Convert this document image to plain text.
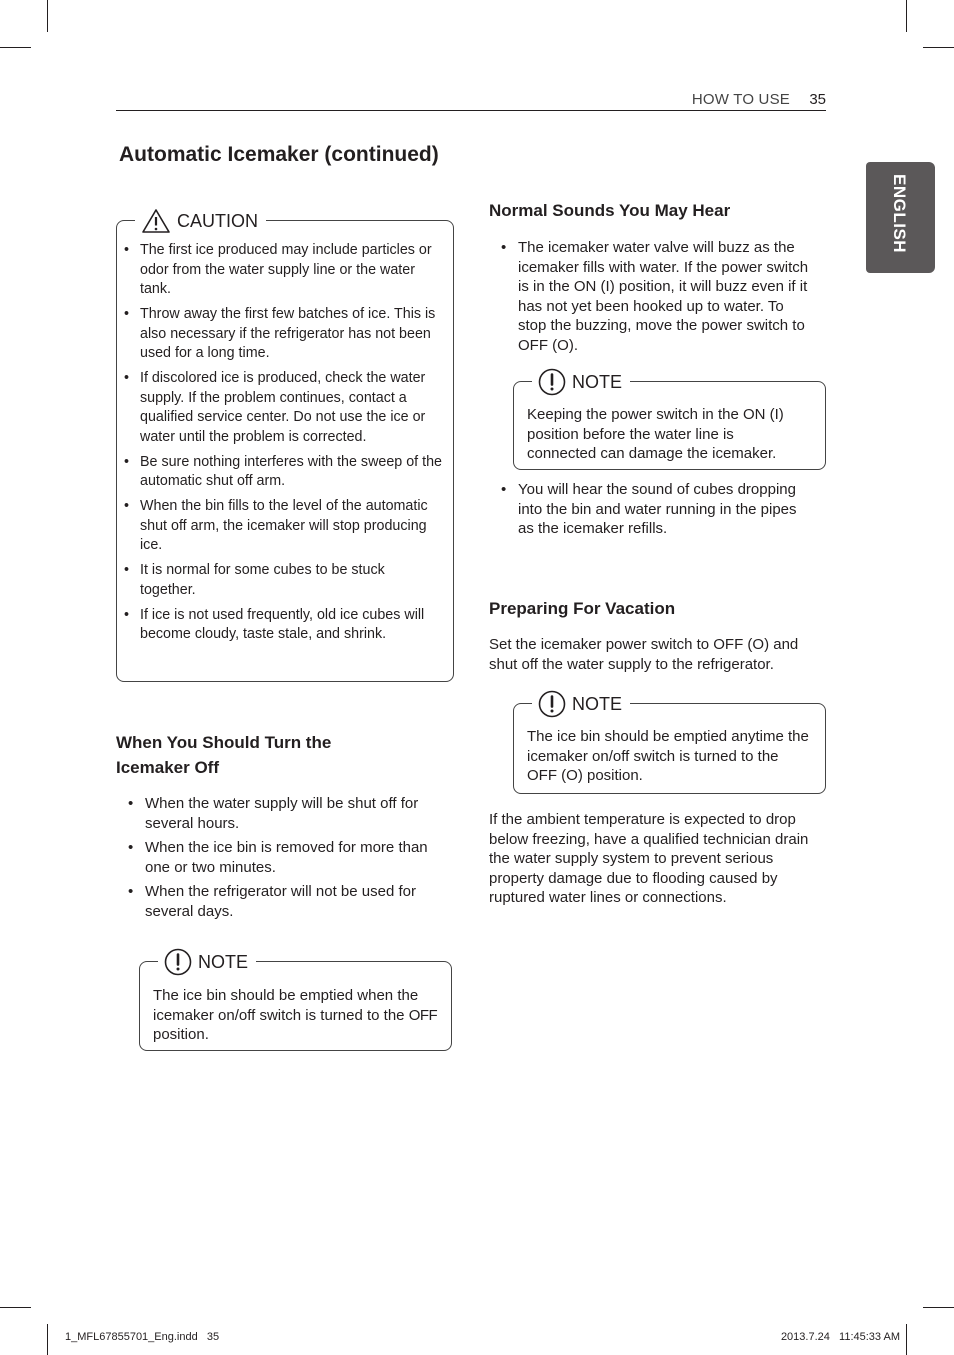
HOW TO USE 35
ENGLISH
Automatic Icemaker (continued)
CAUTION
• The first ice produced may include particles or odor from the water supply line or the water tank.
• Throw away the first few batches of ice. This is also necessary if the refrigerator has not been used for a long time.
• If discolored ice is produced, check the water supply. If the problem continues, contact a qualified service center. Do not use the ice or water until the problem is corrected.
• Be sure nothing interferes with the sweep of the automatic shut off arm.
• When the bin fills to the level of the automatic shut off arm, the icemaker will stop producing ice.
• It is normal for some cubes to be stuck together.
• If ice is not used frequently, old ice cubes will become cloudy, taste stale, and shrink.
When You Should Turn the Icemaker Off
• When the water supply will be shut off for several hours.
• When the ice bin is removed for more than one or two minutes.
• When the refrigerator will not be used for several days.
NOTE
The ice bin should be emptied when the icemaker on/off switch is turned to the OFF position.
Normal Sounds You May Hear
• The icemaker water valve will buzz as the icemaker fills with water. If the power switch is in the ON (I) position, it will buzz even if it has not yet been hooked up to water. To stop the buzzing, move the power switch to OFF (O).
NOTE
Keeping the power switch in the ON (I) position before the water line is connected can damage the icemaker.
• You will hear the sound of cubes dropping into the bin and water running in the pipes as the icemaker refills.
Preparing For Vacation

Set the icemaker power switch to OFF (O) and shut off the water supply to the refrigerator.

NOTE
The ice bin should be emptied anytime the icemaker on/off switch is turned to the OFF (O) position.

If the ambient temperature is expected to drop below freezing, have a qualified technician drain the water supply system to prevent serious property damage due to flooding caused by ruptured water lines or connections.

1_MFL67855701_Eng.indd   35	2013.7.24   11:45:33 AM
